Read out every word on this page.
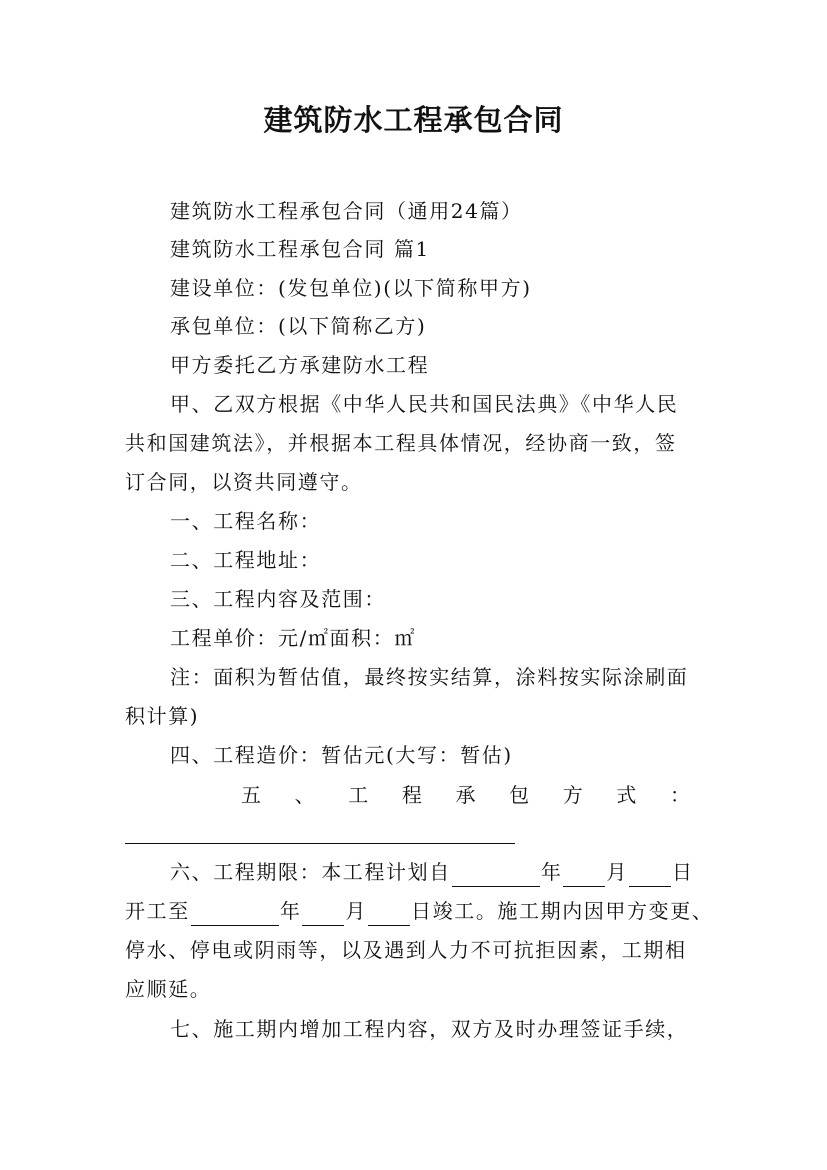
建筑防水工程承包合同
建筑防水工程承包合同（通用24篇）
建筑防水工程承包合同 篇1
建设单位：(发包单位)(以下简称甲方)
承包单位：(以下简称乙方)
甲方委托乙方承建防水工程
甲、乙双方根据《中华人民共和国民法典》《中华人民
共和国建筑法》，并根据本工程具体情况，经协商一致，签
订合同，以资共同遵守。
一、工程名称：
二、工程地址：
三、工程内容及范围：
工程单价：元/㎡面积：㎡
注：面积为暂估值，最终按实结算，涂料按实际涂刷面
积计算)
四、工程造价：暂估元(大写：暂估)
五 、 工 程 承 包 方 式 ：
六、工程期限：本工程计划自	年 月 日
开工至	年 月 日竣工。施工期内因甲方变更、
停水、停电或阴雨等，以及遇到人力不可抗拒因素，工期相
应顺延。
七、施工期内增加工程内容，双方及时办理签证手续，
